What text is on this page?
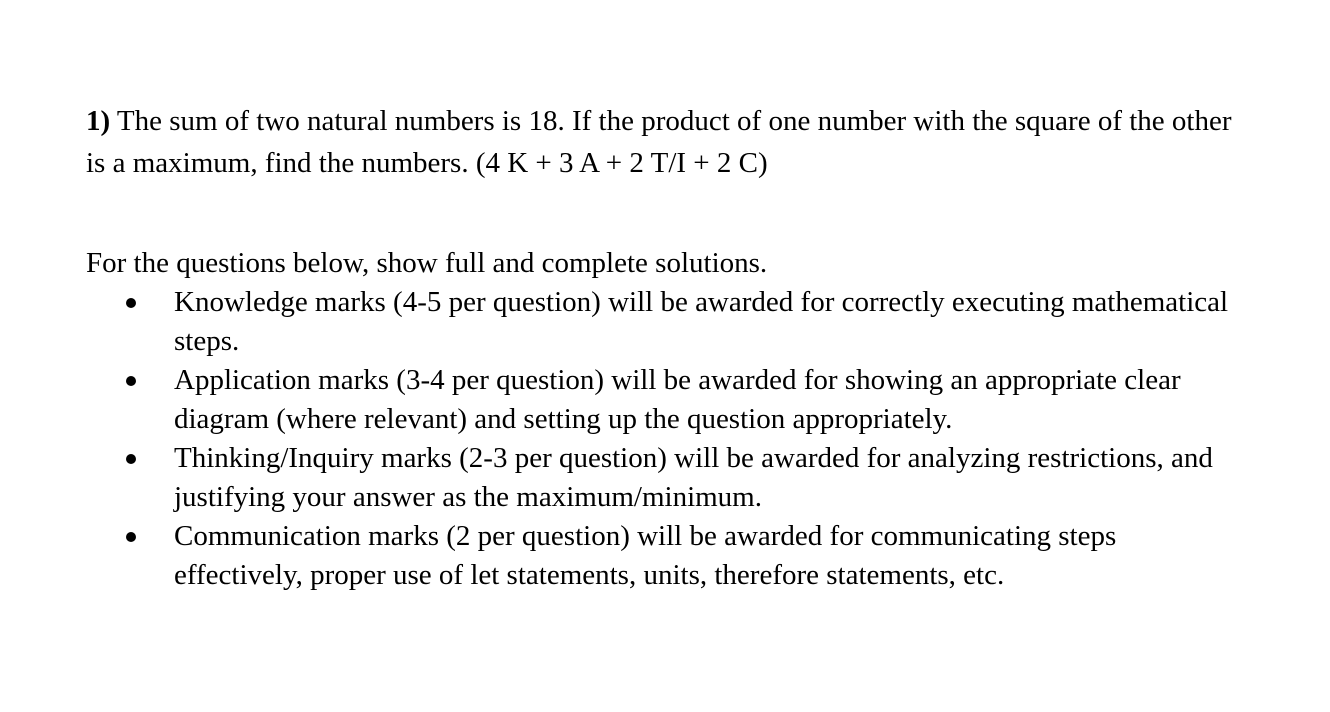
1) The sum of two natural numbers is 18. If the product of one number with the square of the other is a maximum, find the numbers. (4 K + 3 A + 2 T/I + 2 C)

For the questions below, show full and complete solutions.

Knowledge marks (4-5 per question) will be awarded for correctly executing mathematical steps.
Application marks (3-4 per question) will be awarded for showing an appropriate clear diagram (where relevant) and setting up the question appropriately.
Thinking/Inquiry marks (2-3 per question) will be awarded for analyzing restrictions, and justifying your answer as the maximum/minimum.
Communication marks (2 per question) will be awarded for communicating steps effectively, proper use of let statements, units, therefore statements, etc.
